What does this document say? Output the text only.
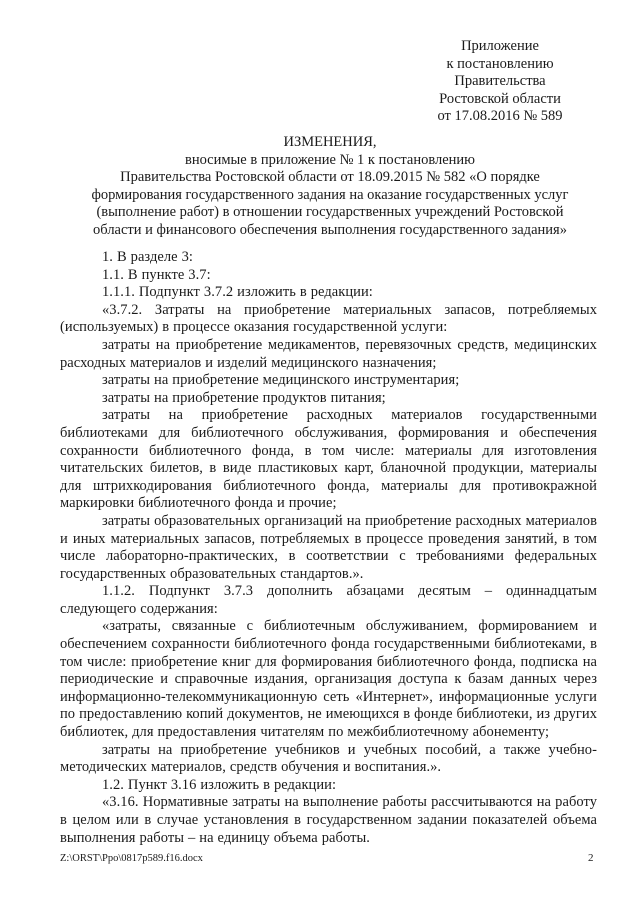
Приложение
к постановлению
Правительства
Ростовской области
от 17.08.2016 № 589
ИЗМЕНЕНИЯ,
вносимые в приложение № 1 к постановлению
Правительства Ростовской области от 18.09.2015 № 582 «О порядке
формирования государственного задания на оказание государственных услуг
(выполнение работ) в отношении государственных учреждений Ростовской
области и финансового обеспечения выполнения государственного задания»

1. В разделе 3:

1.1. В пункте 3.7:

1.1.1. Подпункт 3.7.2 изложить в редакции:

«3.7.2. Затраты на приобретение материальных запасов, потребляемых (используемых) в процессе оказания государственной услуги:

затраты на приобретение медикаментов, перевязочных средств, медицинских расходных материалов и изделий медицинского назначения;

затраты на приобретение медицинского инструментария;

затраты на приобретение продуктов питания;

затраты на приобретение расходных материалов государственными библиотеками для библиотечного обслуживания, формирования и обеспечения сохранности библиотечного фонда, в том числе: материалы для изготовления читательских билетов, в виде пластиковых карт, бланочной продукции, материалы для штрихкодирования библиотечного фонда, материалы для противокражной маркировки библиотечного фонда и прочие;

затраты образовательных организаций на приобретение расходных материалов и иных материальных запасов, потребляемых в процессе проведения занятий, в том числе лабораторно-практических, в соответствии с требованиями федеральных государственных образовательных стандартов.».

1.1.2. Подпункт 3.7.3 дополнить абзацами десятым – одиннадцатым следующего содержания:

«затраты, связанные с библиотечным обслуживанием, формированием и обеспечением сохранности библиотечного фонда государственными библиотеками, в том числе: приобретение книг для формирования библиотечного фонда, подписка на периодические и справочные издания, организация доступа к базам данных через информационно-телекоммуникационную сеть «Интернет», информационные услуги по предоставлению копий документов, не имеющихся в фонде библиотеки, из других библиотек, для предоставления читателям по межбиблиотечному абонементу;

затраты на приобретение учебников и учебных пособий, а также учебно-методических материалов, средств обучения и воспитания.».

1.2. Пункт 3.16 изложить в редакции:

«3.16. Нормативные затраты на выполнение работы рассчитываются на работу в целом или в случае установления в государственном задании показателей объема выполнения работы – на единицу объема работы.

Z:\ORST\Ppo\0817p589.f16.docx	2
